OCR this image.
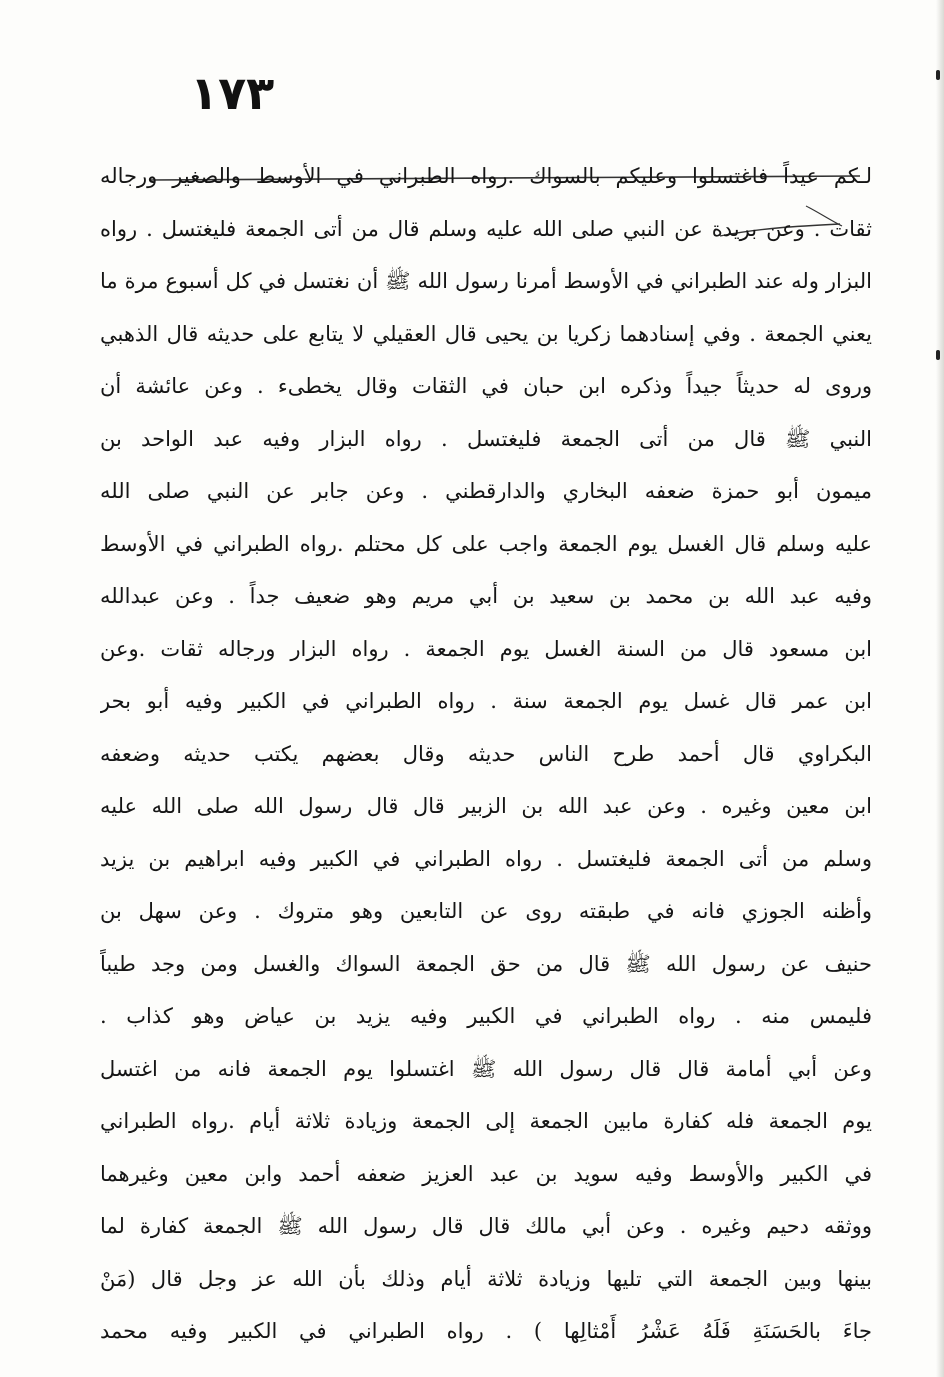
١٧٣
لـكم عيداً فاغتسلوا وعليكم بالسواك .رواه الطبراني في الأوسط والصغير ورجاله
ثقات . وعن بريدة عن النبي صلى الله عليه وسلم قال من أتى الجمعة فليغتسل . رواه
البزار وله عند الطبراني في الأوسط أمرنا رسول الله ﷺ أن نغتسل في كل أسبوع مرة ما
يعني الجمعة . وفي إسنادهما زكريا بن يحيى قال العقيلي لا يتابع على حديثه قال الذهبي
وروى له حديثاً جيداً وذكره ابن حبان في الثقات وقال يخطىء . وعن عائشة أن
النبي ﷺ قال من أتى الجمعة فليغتسل . رواه البزار وفيه عبد الواحد بن
ميمون أبو حمزة ضعفه البخاري والدارقطني . وعن جابر عن النبي صلى الله
عليه وسلم قال الغسل يوم الجمعة واجب على كل محتلم .رواه الطبراني في الأوسط
وفيه عبد الله بن محمد بن سعيد بن أبي مريم وهو ضعيف جداً . وعن عبدالله
ابن مسعود قال من السنة الغسل يوم الجمعة . رواه البزار ورجاله ثقات .وعن
ابن عمر قال غسل يوم الجمعة سنة . رواه الطبراني في الكبير وفيه أبو بحر
البكراوي قال أحمد طرح الناس حديثه وقال بعضهم يكتب حديثه وضعفه
ابن معين وغيره . وعن عبد الله بن الزبير قال قال رسول الله صلى الله عليه
وسلم من أتى الجمعة فليغتسل . رواه الطبراني في الكبير وفيه ابراهيم بن يزيد
وأظنه الجوزي فانه في طبقته روى عن التابعين وهو متروك . وعن سهل بن
حنيف عن رسول الله ﷺ قال من حق الجمعة السواك والغسل ومن وجد طيباً
فليمس منه . رواه الطبراني في الكبير وفيه يزيد بن عياض وهو كذاب .
وعن أبي أمامة قال قال رسول الله ﷺ اغتسلوا يوم الجمعة فانه من اغتسل
يوم الجمعة فله كفارة مابين الجمعة إلى الجمعة وزيادة ثلاثة أيام .رواه الطبراني
في الكبير والأوسط وفيه سويد بن عبد العزيز ضعفه أحمد وابن معين وغيرهما
ووثقه دحيم وغيره . وعن أبي مالك قال قال رسول الله ﷺ الجمعة كفارة لما
بينها وبين الجمعة التي تليها وزيادة ثلاثة أيام وذلك بأن الله عز وجل قال (مَنْ
جاءَ بالحَسَنَةِ فَلَهُ عَشْرُ أَمْثالِها ) . رواه الطبراني في الكبير وفيه محمد
